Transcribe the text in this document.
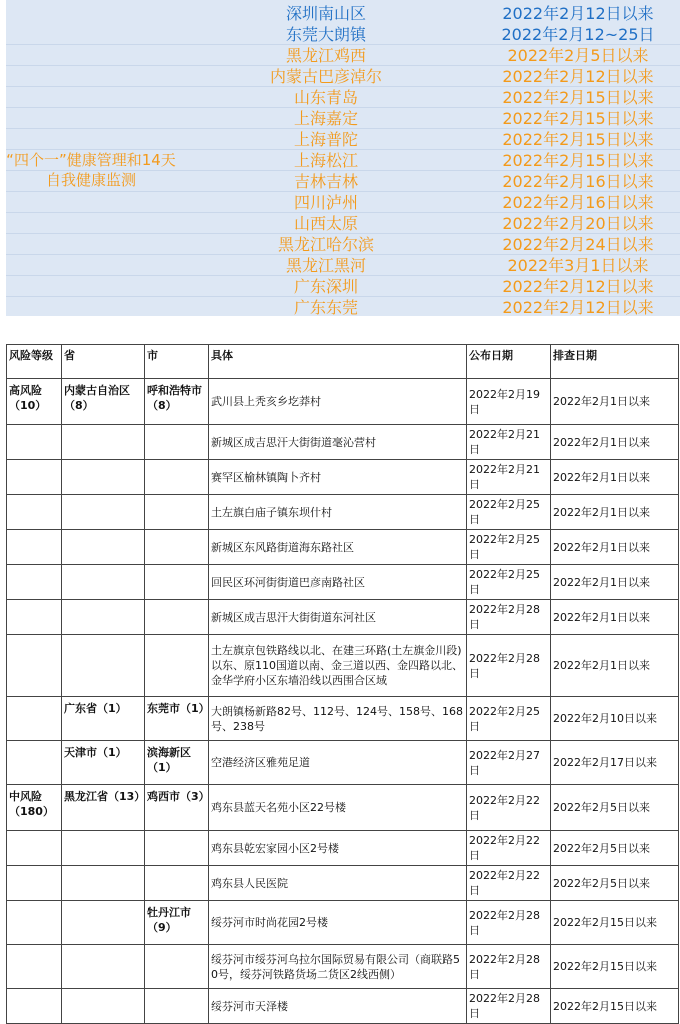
“四个一”健康管理和14天自我健康监测
深圳南山区	2022年2月12日以来
东莞大朗镇	2022年2月12~25日
黑龙江鸡西	2022年2月5日以来
内蒙古巴彦淖尔	2022年2月12日以来
山东青岛	2022年2月15日以来
上海嘉定	2022年2月15日以来
上海普陀	2022年2月15日以来
上海松江	2022年2月15日以来
吉林吉林	2022年2月16日以来
四川泸州	2022年2月16日以来
山西太原	2022年2月20日以来
黑龙江哈尔滨	2022年2月24日以来
黑龙江黑河	2022年3月1日以来
广东深圳	2022年2月12日以来
广东东莞	2022年2月12日以来
风险等级	省	市	具体	公布日期	排查日期
高风险（10）	内蒙古自治区（8）	呼和浩特市（8）	武川县上秃亥乡圪莽村	2022年2月19日	2022年2月1日以来
			新城区成吉思汗大街街道毫沁营村	2022年2月21日	2022年2月1日以来
			赛罕区榆林镇陶卜齐村	2022年2月21日	2022年2月1日以来
			土左旗白庙子镇东坝什村	2022年2月25日	2022年2月1日以来
			新城区东风路街道海东路社区	2022年2月25日	2022年2月1日以来
			回民区环河街街道巴彦南路社区	2022年2月25日	2022年2月1日以来
			新城区成吉思汗大街街道东河社区	2022年2月28日	2022年2月1日以来
			土左旗京包铁路线以北、在建三环路(土左旗金川段)以东、原110国道以南、金三道以西、金四路以北、金华学府小区东墙沿线以西围合区域	2022年2月28日	2022年2月1日以来
	广东省（1）	东莞市（1）	大朗镇杨新路82号、112号、124号、158号、168号、238号	2022年2月25日	2022年2月10日以来
	天津市（1）	滨海新区（1）	空港经济区雅苑足道	2022年2月27日	2022年2月17日以来
中风险（180）	黑龙江省（13）	鸡西市（3）	鸡东县蓝天名苑小区22号楼	2022年2月22日	2022年2月5日以来
			鸡东县乾宏家园小区2号楼	2022年2月22日	2022年2月5日以来
			鸡东县人民医院	2022年2月22日	2022年2月5日以来
		牡丹江市（9）	绥芬河市时尚花园2号楼	2022年2月28日	2022年2月15日以来
			绥芬河市绥芬河乌拉尔国际贸易有限公司（商联路50号，绥芬河铁路货场二货区2线西侧）	2022年2月28日	2022年2月15日以来
			绥芬河市天泽楼	2022年2月28日	2022年2月15日以来
